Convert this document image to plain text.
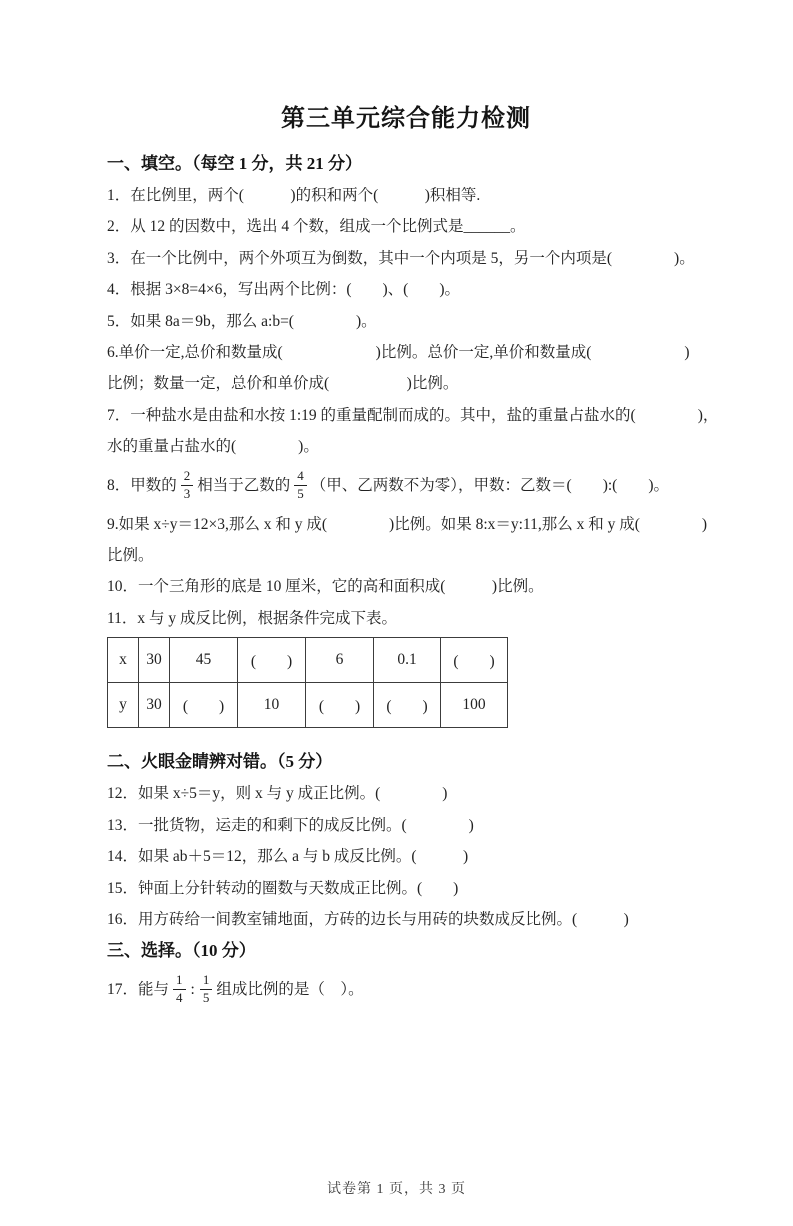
第三单元综合能力检测
一、填空。（每空 1 分，共 21 分）
1．在比例里，两个(　　　)的积和两个(　　　)积相等.
2．从 12 的因数中，选出 4 个数，组成一个比例式是______。
3．在一个比例中，两个外项互为倒数，其中一个内项是 5，另一个内项是(　　　　)。
4．根据 3×8=4×6，写出两个比例：(　　)、(　　)。
5．如果 8a＝9b，那么 a:b=(　　　　)。
6.单价一定,总价和数量成(　　　　　　)比例。总价一定,单价和数量成(　　　　　　)
比例；数量一定，总价和单价成(　　　　　)比例。
7．一种盐水是由盐和水按 1:19 的重量配制而成的。其中，盐的重量占盐水的(　　　　)，
水的重量占盐水的(　　　　)。
8．甲数的 $\frac{2}{3}$ 相当于乙数的 $\frac{4}{5}$ （甲、乙两数不为零），甲数：乙数＝(　　):(　　)。
9.如果 x÷y＝12×3,那么 x 和 y 成(　　　　)比例。如果 8:x＝y:11,那么 x 和 y 成(　　　　)
比例。
10．一个三角形的底是 10 厘米，它的高和面积成(　　　)比例。
11．x 与 y 成反比例，根据条件完成下表。
x	30	45	(　　)	6	0.1	(　　)
y	30	(　　)	10	(　　)	(　　)	100
二、火眼金睛辨对错。（5 分）
12．如果 x÷5＝y，则 x 与 y 成正比例。(　　　　)
13．一批货物，运走的和剩下的成反比例。(　　　　)
14．如果 ab＋5＝12，那么 a 与 b 成反比例。(　　　)
15．钟面上分针转动的圈数与天数成正比例。(　　)
16．用方砖给一间教室铺地面，方砖的边长与用砖的块数成反比例。(　　　)
三、选择。（10 分）
17．能与 $\frac{1}{4}$ : $\frac{1}{5}$ 组成比例的是（　）。
试卷第 1 页，共 3 页
